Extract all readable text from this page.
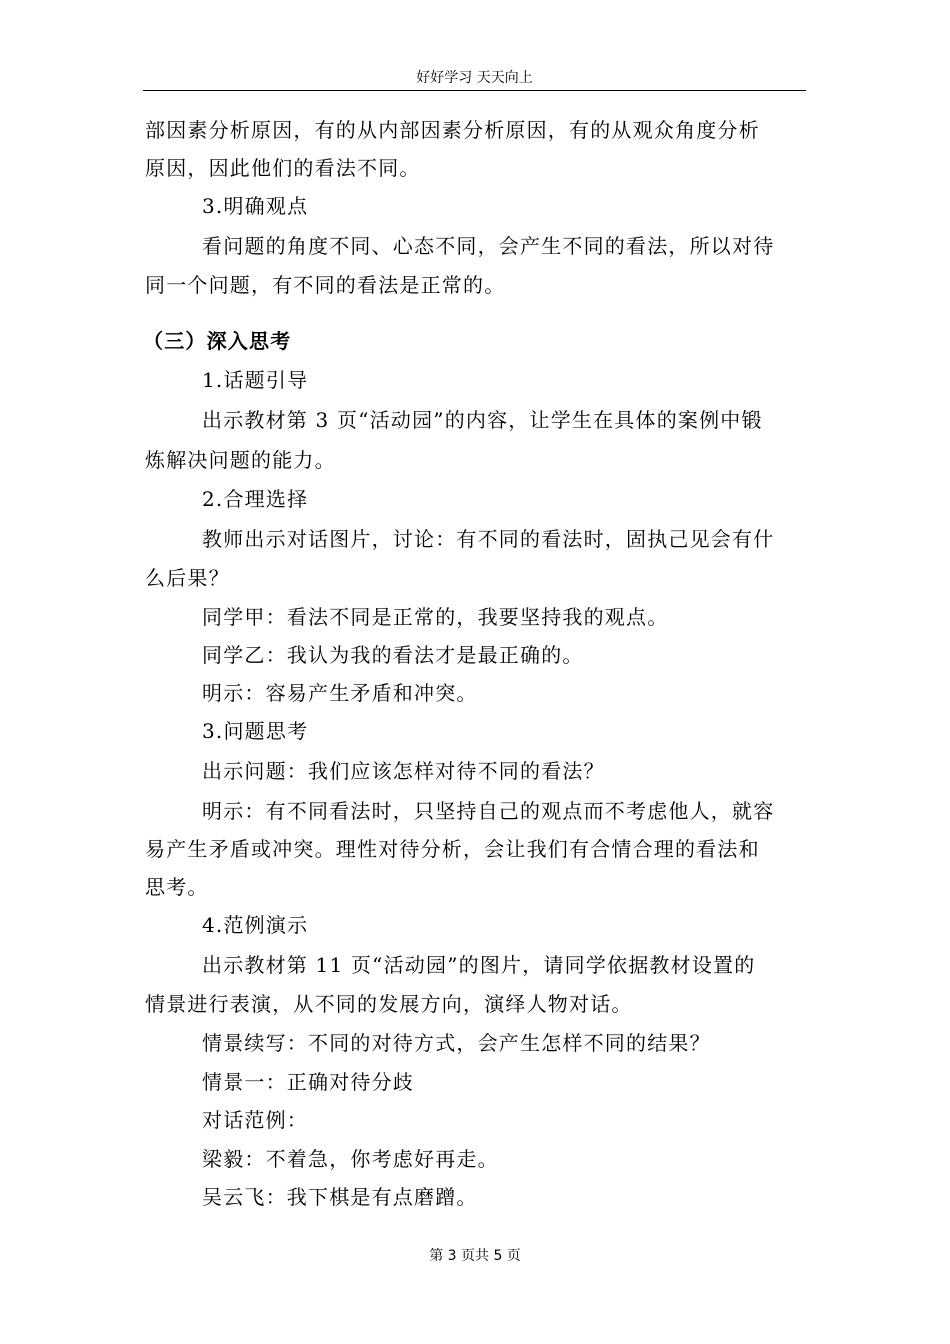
好好学习 天天向上
部因素分析原因，有的从内部因素分析原因，有的从观众角度分析
原因，因此他们的看法不同。
3.明确观点
看问题的角度不同、心态不同，会产生不同的看法，所以对待
同一个问题，有不同的看法是正常的。
（三）深入思考
1.话题引导
出示教材第 3 页“活动园”的内容，让学生在具体的案例中锻
炼解决问题的能力。
2.合理选择
教师出示对话图片，讨论：有不同的看法时，固执己见会有什
么后果？
同学甲：看法不同是正常的，我要坚持我的观点。
同学乙：我认为我的看法才是最正确的。
明示：容易产生矛盾和冲突。
3.问题思考
出示问题：我们应该怎样对待不同的看法？
明示：有不同看法时，只坚持自己的观点而不考虑他人，就容
易产生矛盾或冲突。理性对待分析，会让我们有合情合理的看法和
思考。
4.范例演示
出示教材第 11 页“活动园”的图片，请同学依据教材设置的
情景进行表演，从不同的发展方向，演绎人物对话。
情景续写：不同的对待方式，会产生怎样不同的结果？
情景一：正确对待分歧
对话范例：
梁毅：不着急，你考虑好再走。
吴云飞：我下棋是有点磨蹭。
第 3 页共 5 页
